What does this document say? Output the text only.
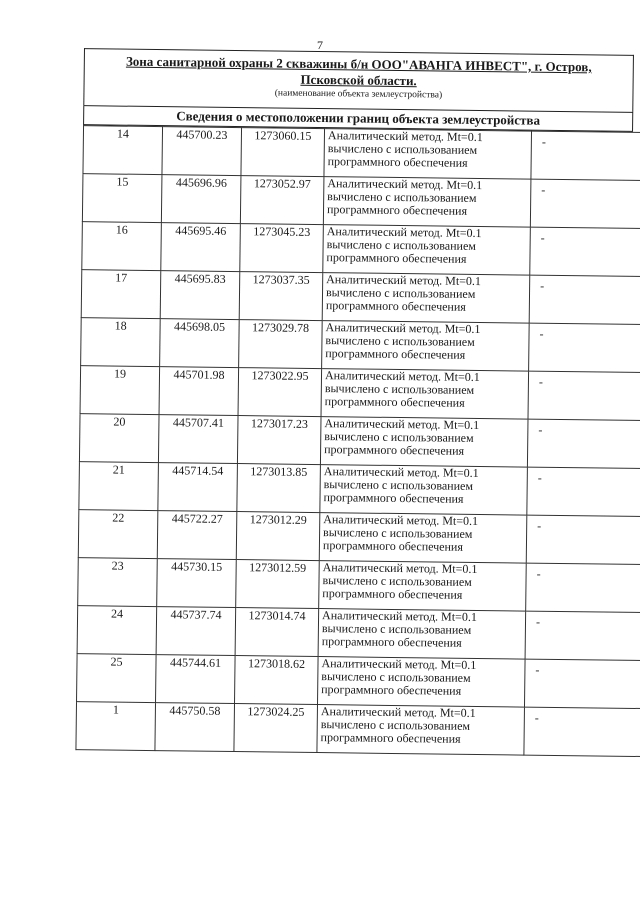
7
Зона санитарной охраны 2 скважины б/н ООО"АВАНГА ИНВЕСТ", г. Остров, Псковской области.
(наименование объекта землеустройства)
Сведения о местоположении границ объекта землеустройства
14	445700.23	1273060.15	Аналитический метод. Mt=0.1 вычислено с использованием программного обеспечения	-	
15	445696.96	1273052.97	Аналитический метод. Mt=0.1 вычислено с использованием программного обеспечения	-	
16	445695.46	1273045.23	Аналитический метод. Mt=0.1 вычислено с использованием программного обеспечения	-	
17	445695.83	1273037.35	Аналитический метод. Mt=0.1 вычислено с использованием программного обеспечения	-	
18	445698.05	1273029.78	Аналитический метод. Mt=0.1 вычислено с использованием программного обеспечения	-	
19	445701.98	1273022.95	Аналитический метод. Mt=0.1 вычислено с использованием программного обеспечения	-	
20	445707.41	1273017.23	Аналитический метод. Mt=0.1 вычислено с использованием программного обеспечения	-	
21	445714.54	1273013.85	Аналитический метод. Mt=0.1 вычислено с использованием программного обеспечения	-	
22	445722.27	1273012.29	Аналитический метод. Mt=0.1 вычислено с использованием программного обеспечения	-	
23	445730.15	1273012.59	Аналитический метод. Mt=0.1 вычислено с использованием программного обеспечения	-	
24	445737.74	1273014.74	Аналитический метод. Mt=0.1 вычислено с использованием программного обеспечения	-	
25	445744.61	1273018.62	Аналитический метод. Mt=0.1 вычислено с использованием программного обеспечения	-	
1	445750.58	1273024.25	Аналитический метод. Mt=0.1 вычислено с использованием программного обеспечения	-	
